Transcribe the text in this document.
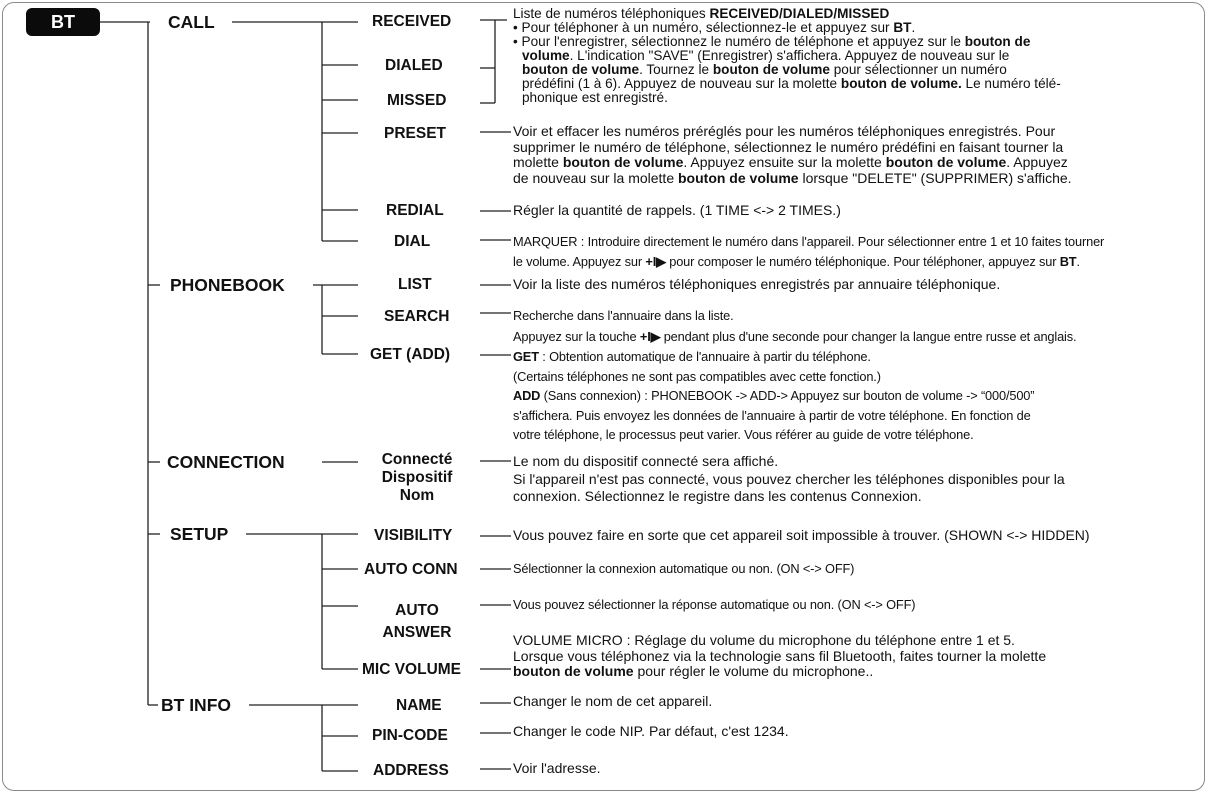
BT	CALL
PHONEBOOK
CONNECTION
SETUP
BT INFO
RECEIVED
DIALED
MISSED
PRESET
REDIAL
DIAL
LIST
SEARCH
GET (ADD)
Connecté
Dispositif
Nom
VISIBILITY
AUTO CONN
AUTO
ANSWER
MIC VOLUME
NAME
PIN-CODE
ADDRESS
Liste de numéros téléphoniques RECEIVED/DIALED/MISSED
• Pour téléphoner à un numéro, sélectionnez-le et appuyez sur BT.
• Pour l'enregistrer, sélectionnez le numéro de téléphone et appuyez sur le bouton de
volume. L'indication "SAVE" (Enregistrer) s'affichera. Appuyez de nouveau sur le
bouton de volume. Tournez le bouton de volume pour sélectionner un numéro
prédéfini (1 à 6). Appuyez de nouveau sur la molette bouton de volume. Le numéro télé-
phonique est enregistré.
Voir et effacer les numéros préréglés pour les numéros téléphoniques enregistrés. Pour
supprimer le numéro de téléphone, sélectionnez le numéro prédéfini en faisant tourner la
molette bouton de volume. Appuyez ensuite sur la molette bouton de volume. Appuyez
de nouveau sur la molette bouton de volume lorsque "DELETE" (SUPPRIMER) s'affiche.
Régler la quantité de rappels. (1 TIME <-> 2 TIMES.)
MARQUER : Introduire directement le numéro dans l'appareil. Pour sélectionner entre 1 et 10 faites tourner
le volume. Appuyez sur +I▶ pour composer le numéro téléphonique. Pour téléphoner, appuyez sur BT.
Voir la liste des numéros téléphoniques enregistrés par annuaire téléphonique.
Recherche dans l'annuaire dans la liste.
Appuyez sur la touche +I▶ pendant plus d'une seconde pour changer la langue entre russe et anglais.
GET : Obtention automatique de l'annuaire à partir du téléphone.
(Certains téléphones ne sont pas compatibles avec cette fonction.)
ADD (Sans connexion) : PHONEBOOK -> ADD-> Appuyez sur bouton de volume -> “000/500”
s'affichera. Puis envoyez les données de l'annuaire à partir de votre téléphone. En fonction de
votre téléphone, le processus peut varier. Vous référer au guide de votre téléphone.
Le nom du dispositif connecté sera affiché.
Si l'appareil n'est pas connecté, vous pouvez chercher les téléphones disponibles pour la
connexion. Sélectionnez le registre dans les contenus Connexion.
Vous pouvez faire en sorte que cet appareil soit impossible à trouver. (SHOWN <-> HIDDEN)
Sélectionner la connexion automatique ou non. (ON <-> OFF)
Vous pouvez sélectionner la réponse automatique ou non. (ON <-> OFF)
VOLUME MICRO : Réglage du volume du microphone du téléphone entre 1 et 5.
Lorsque vous téléphonez via la technologie sans fil Bluetooth, faites tourner la molette
bouton de volume pour régler le volume du microphone..
Changer le nom de cet appareil.
Changer le code NIP. Par défaut, c'est 1234.
Voir l'adresse.
